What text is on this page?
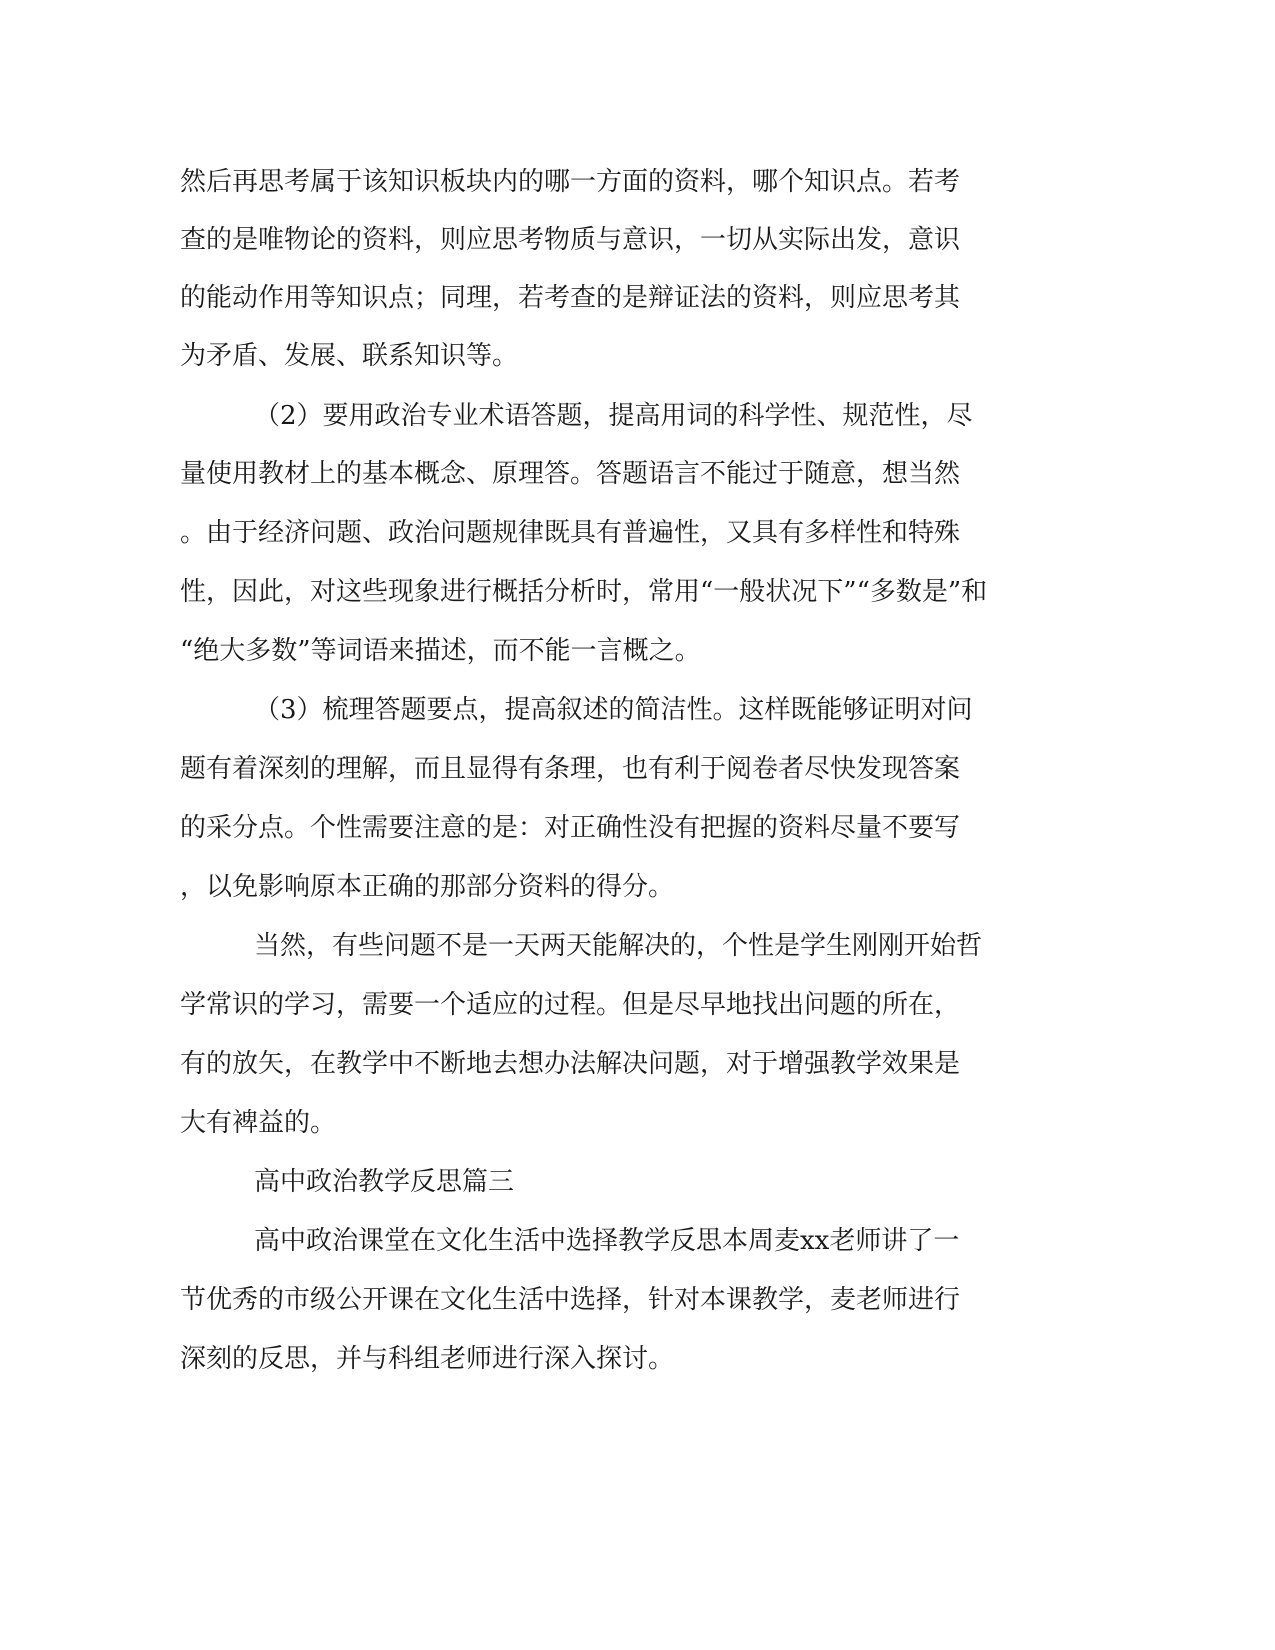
然后再思考属于该知识板块内的哪一方面的资料，哪个知识点。若考
查的是唯物论的资料，则应思考物质与意识，一切从实际出发，意识
的能动作用等知识点；同理，若考查的是辩证法的资料，则应思考其
为矛盾、发展、联系知识等。
（2）要用政治专业术语答题，提高用词的科学性、规范性，尽
量使用教材上的基本概念、原理答。答题语言不能过于随意，想当然
。由于经济问题、政治问题规律既具有普遍性，又具有多样性和特殊
性，因此，对这些现象进行概括分析时，常用“一般状况下”“多数是”和
“绝大多数”等词语来描述，而不能一言概之。
（3）梳理答题要点，提高叙述的简洁性。这样既能够证明对问
题有着深刻的理解，而且显得有条理，也有利于阅卷者尽快发现答案
的采分点。个性需要注意的是：对正确性没有把握的资料尽量不要写
，以免影响原本正确的那部分资料的得分。
当然，有些问题不是一天两天能解决的，个性是学生刚刚开始哲
学常识的学习，需要一个适应的过程。但是尽早地找出问题的所在，
有的放矢，在教学中不断地去想办法解决问题，对于增强教学效果是
大有裨益的。
高中政治教学反思篇三
高中政治课堂在文化生活中选择教学反思本周麦xx老师讲了一
节优秀的市级公开课在文化生活中选择，针对本课教学，麦老师进行
深刻的反思，并与科组老师进行深入探讨。
